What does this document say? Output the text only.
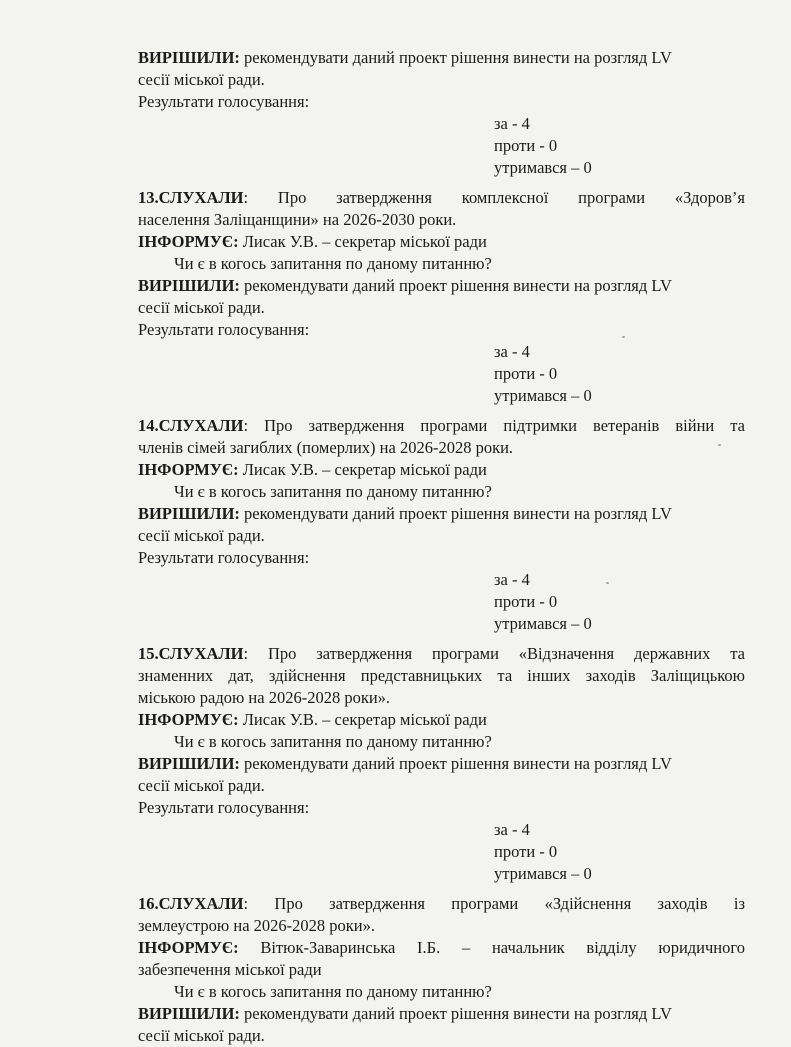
ВИРІШИЛИ: рекомендувати даний проект рішення винести на розгляд LV
сесії міської ради.
Результати голосування:
за - 4
проти - 0
утримався – 0
13.СЛУХАЛИ: Про затвердження комплексної програми «Здоров’я
населення Заліщанщини» на 2026-2030 роки.
ІНФОРМУЄ: Лисак У.В. – секретар міської ради
Чи є в когось запитання по даному питанню?
ВИРІШИЛИ: рекомендувати даний проект рішення винести на розгляд LV
сесії міської ради.
Результати голосування:
за - 4
проти - 0
утримався – 0
14.СЛУХАЛИ: Про затвердження програми підтримки ветеранів війни та
членів сімей загиблих (померлих) на 2026-2028 роки.
ІНФОРМУЄ: Лисак У.В. – секретар міської ради
Чи є в когось запитання по даному питанню?
ВИРІШИЛИ: рекомендувати даний проект рішення винести на розгляд LV
сесії міської ради.
Результати голосування:
за - 4
проти - 0
утримався – 0
15.СЛУХАЛИ: Про затвердження програми «Відзначення державних та
знаменних дат, здійснення представницьких та інших заходів Заліщицькою
міською радою на 2026-2028 роки».
ІНФОРМУЄ: Лисак У.В. – секретар міської ради
Чи є в когось запитання по даному питанню?
ВИРІШИЛИ: рекомендувати даний проект рішення винести на розгляд LV
сесії міської ради.
Результати голосування:
за - 4
проти - 0
утримався – 0
16.СЛУХАЛИ: Про затвердження програми «Здійснення заходів із
землеустрою на 2026-2028 роки».
ІНФОРМУЄ: Вітюк-Заваринська І.Б. – начальник відділу юридичного
забезпечення міської ради
Чи є в когось запитання по даному питанню?
ВИРІШИЛИ: рекомендувати даний проект рішення винести на розгляд LV
сесії міської ради.
